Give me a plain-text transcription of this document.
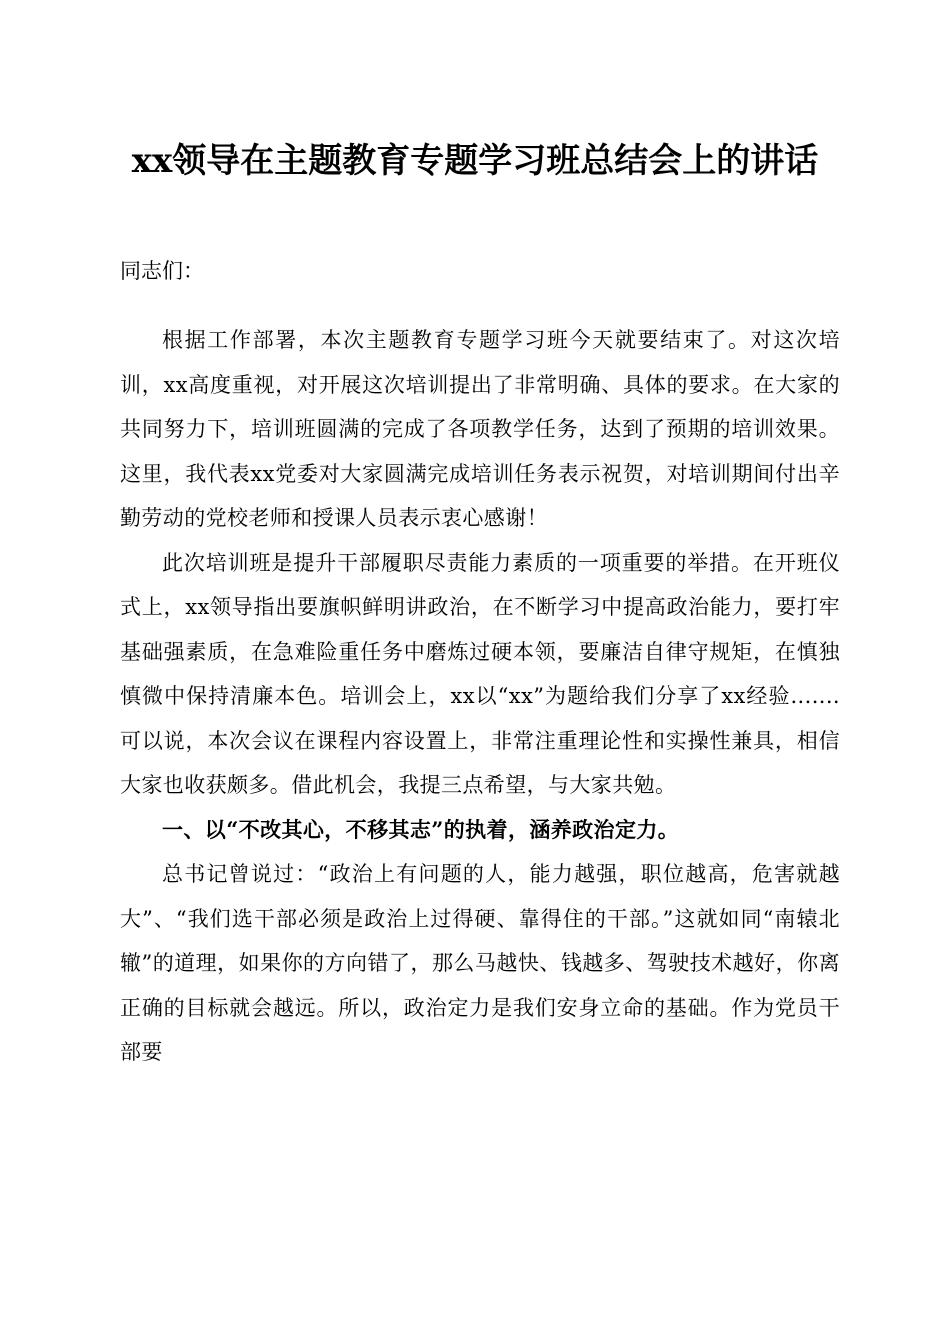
xx领导在主题教育专题学习班总结会上的讲话
同志们：

根据工作部署，本次主题教育专题学习班今天就要结束了。对这次培训，xx高度重视，对开展这次培训提出了非常明确、具体的要求。在大家的共同努力下，培训班圆满的完成了各项教学任务，达到了预期的培训效果。这里，我代表xx党委对大家圆满完成培训任务表示祝贺，对培训期间付出辛勤劳动的党校老师和授课人员表示衷心感谢！

此次培训班是提升干部履职尽责能力素质的一项重要的举措。在开班仪式上，xx领导指出要旗帜鲜明讲政治，在不断学习中提高政治能力，要打牢基础强素质，在急难险重任务中磨炼过硬本领，要廉洁自律守规矩，在慎独慎微中保持清廉本色。培训会上，xx以“xx”为题给我们分享了xx经验.......可以说，本次会议在课程内容设置上，非常注重理论性和实操性兼具，相信大家也收获颇多。借此机会，我提三点希望，与大家共勉。

一、以“不改其心，不移其志”的执着，涵养政治定力。

总书记曾说过：“政治上有问题的人，能力越强，职位越高，危害就越大”、“我们选干部必须是政治上过得硬、靠得住的干部。”这就如同“南辕北辙”的道理，如果你的方向错了，那么马越快、钱越多、驾驶技术越好，你离正确的目标就会越远。所以，政治定力是我们安身立命的基础。作为党员干部要
